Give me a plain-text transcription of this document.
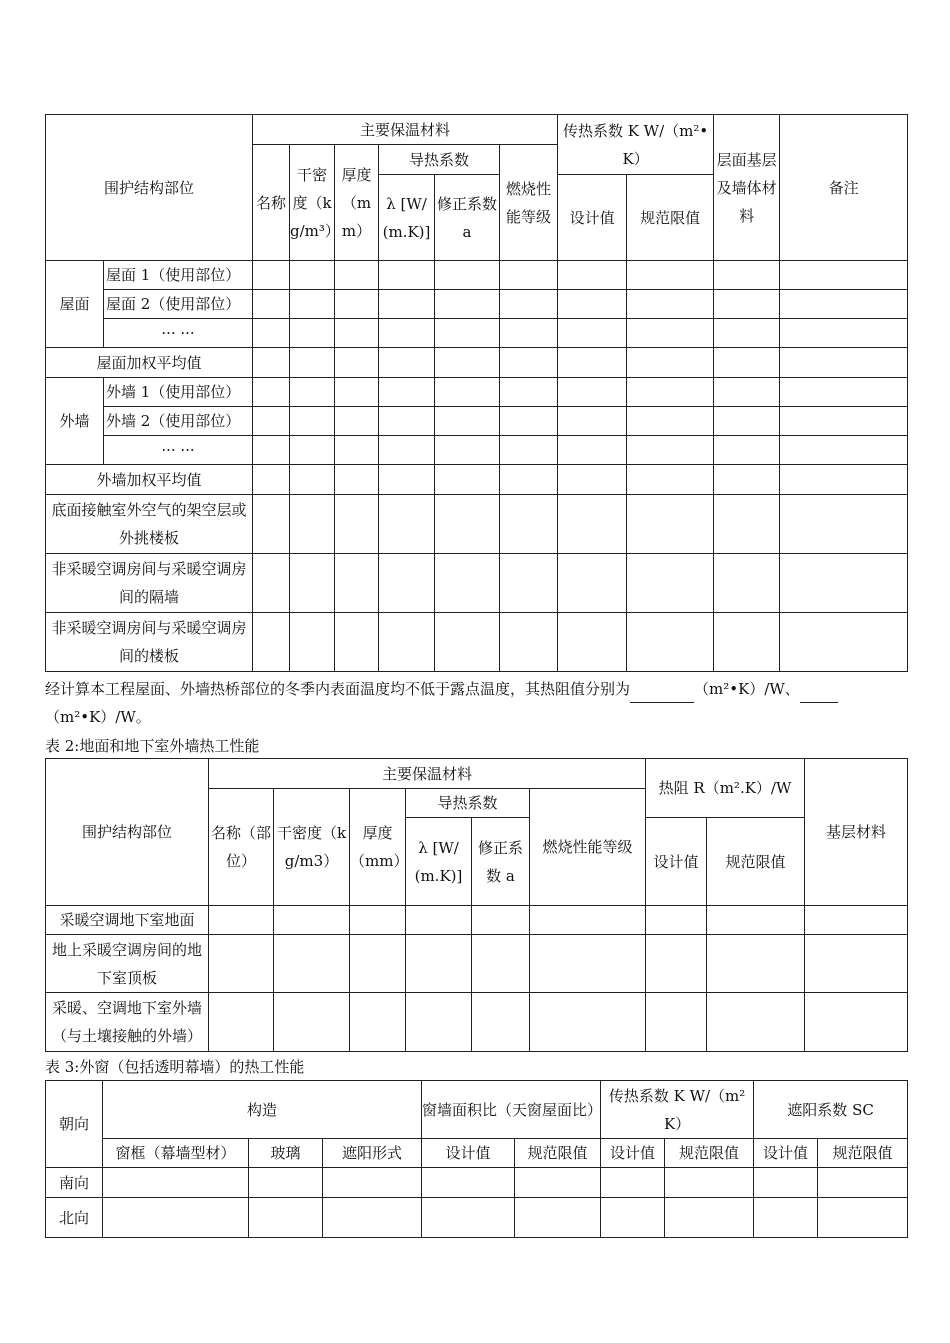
围护结构部位		主要保温材料						传热系数 K W/（m²•K）		层面基层及墙体材料	备注
		名称	干密度（kg/m³）	厚度（mm）	导热系数		燃烧性能等级				
					λ [W/(m.K)]	修正系数 a		设计值	规范限值		
屋面	屋面 1（使用部位）										
	屋面 2（使用部位）										
	··· ···										
屋面加权平均值											
外墙	外墙 1（使用部位）										
	外墙 2（使用部位）										
	··· ···										
外墙加权平均值											
底面接触室外空气的架空层或外挑楼板											
非采暖空调房间与采暖空调房间的隔墙											
非采暖空调房间与采暖空调房间的楼板											
经计算本工程屋面、外墙热桥部位的冬季内表面温度均不低于露点温度，其热阻值分别为	（m²•K）/W、
（m²•K）/W。
表 2:地面和地下室外墙热工性能
围护结构部位	主要保温材料						热阻 R（m².K）/W		基层材料	
	名称（部位）	干密度（kg/m3）	厚度（mm）	导热系数		燃烧性能等级				
				λ [W/(m.K)]	修正系数 a		设计值	规范限值		
采暖空调地下室地面										
地上采暖空调房间的地下室顶板										
采暖、空调地下室外墙（与土壤接触的外墙）										
表 3:外窗（包括透明幕墙）的热工性能
朝向	构造			窗墙面积比（天窗屋面比）		传热系数 K W/（m²K）		遮阳系数 SC	
	窗框（幕墙型材）	玻璃	遮阳形式	设计值	规范限值	设计值	规范限值	设计值	规范限值
南向									
北向									
